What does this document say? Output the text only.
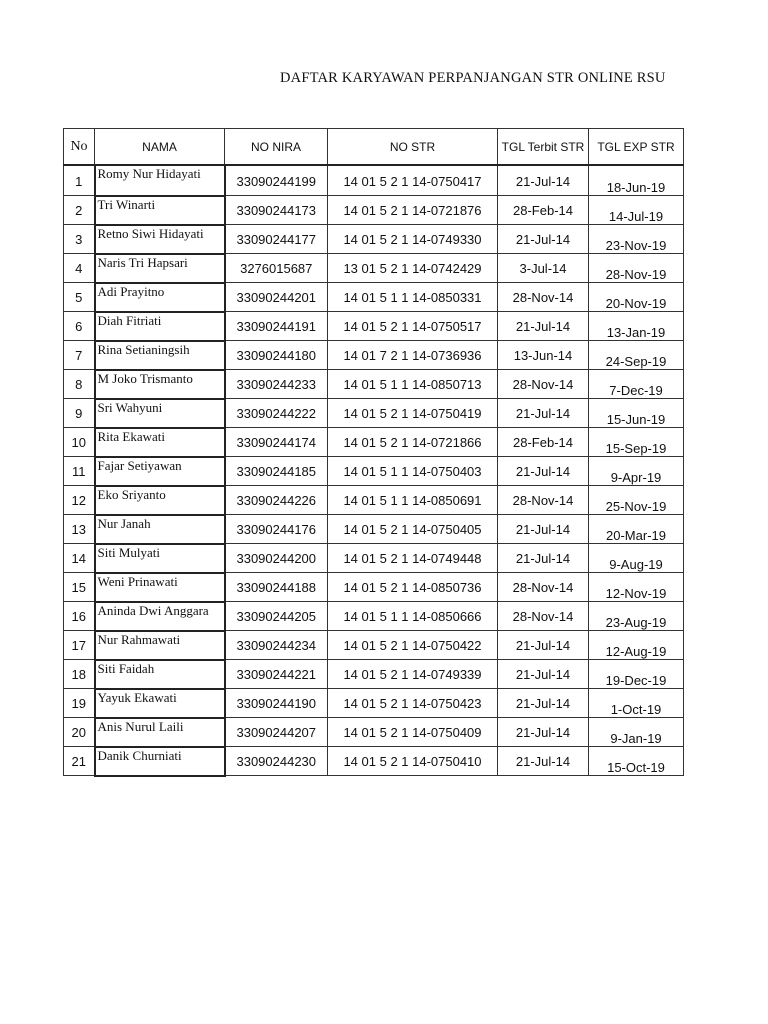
DAFTAR KARYAWAN PERPANJANGAN STR ONLINE RSU
No	NAMA	NO NIRA	NO STR	TGL Terbit STR	TGL EXP STR
1	Romy Nur Hidayati	33090244199	14 01 5 2 1 14-0750417	21-Jul-14	18-Jun-19
2	Tri Winarti	33090244173	14 01 5 2 1 14-0721876	28-Feb-14	14-Jul-19
3	Retno Siwi Hidayati	33090244177	14 01 5 2 1 14-0749330	21-Jul-14	23-Nov-19
4	Naris Tri Hapsari	3276015687	13 01 5 2 1 14-0742429	3-Jul-14	28-Nov-19
5	Adi Prayitno	33090244201	14 01 5 1 1 14-0850331	28-Nov-14	20-Nov-19
6	Diah Fitriati	33090244191	14 01 5 2 1 14-0750517	21-Jul-14	13-Jan-19
7	Rina Setianingsih	33090244180	14 01 7 2 1 14-0736936	13-Jun-14	24-Sep-19
8	M Joko Trismanto	33090244233	14 01 5 1 1 14-0850713	28-Nov-14	7-Dec-19
9	Sri Wahyuni	33090244222	14 01 5 2 1 14-0750419	21-Jul-14	15-Jun-19
10	Rita Ekawati	33090244174	14 01 5 2 1 14-0721866	28-Feb-14	15-Sep-19
11	Fajar Setiyawan	33090244185	14 01 5 1 1 14-0750403	21-Jul-14	9-Apr-19
12	Eko Sriyanto	33090244226	14 01 5 1 1 14-0850691	28-Nov-14	25-Nov-19
13	Nur Janah	33090244176	14 01 5 2 1 14-0750405	21-Jul-14	20-Mar-19
14	Siti Mulyati	33090244200	14 01 5 2 1 14-0749448	21-Jul-14	9-Aug-19
15	Weni Prinawati	33090244188	14 01 5 2 1 14-0850736	28-Nov-14	12-Nov-19
16	Aninda Dwi Anggara	33090244205	14 01 5 1 1 14-0850666	28-Nov-14	23-Aug-19
17	Nur Rahmawati	33090244234	14 01 5 2 1 14-0750422	21-Jul-14	12-Aug-19
18	Siti Faidah	33090244221	14 01 5 2 1 14-0749339	21-Jul-14	19-Dec-19
19	Yayuk Ekawati	33090244190	14 01 5 2 1 14-0750423	21-Jul-14	1-Oct-19
20	Anis Nurul Laili	33090244207	14 01 5 2 1 14-0750409	21-Jul-14	9-Jan-19
21	Danik Churniati	33090244230	14 01 5 2 1 14-0750410	21-Jul-14	15-Oct-19
